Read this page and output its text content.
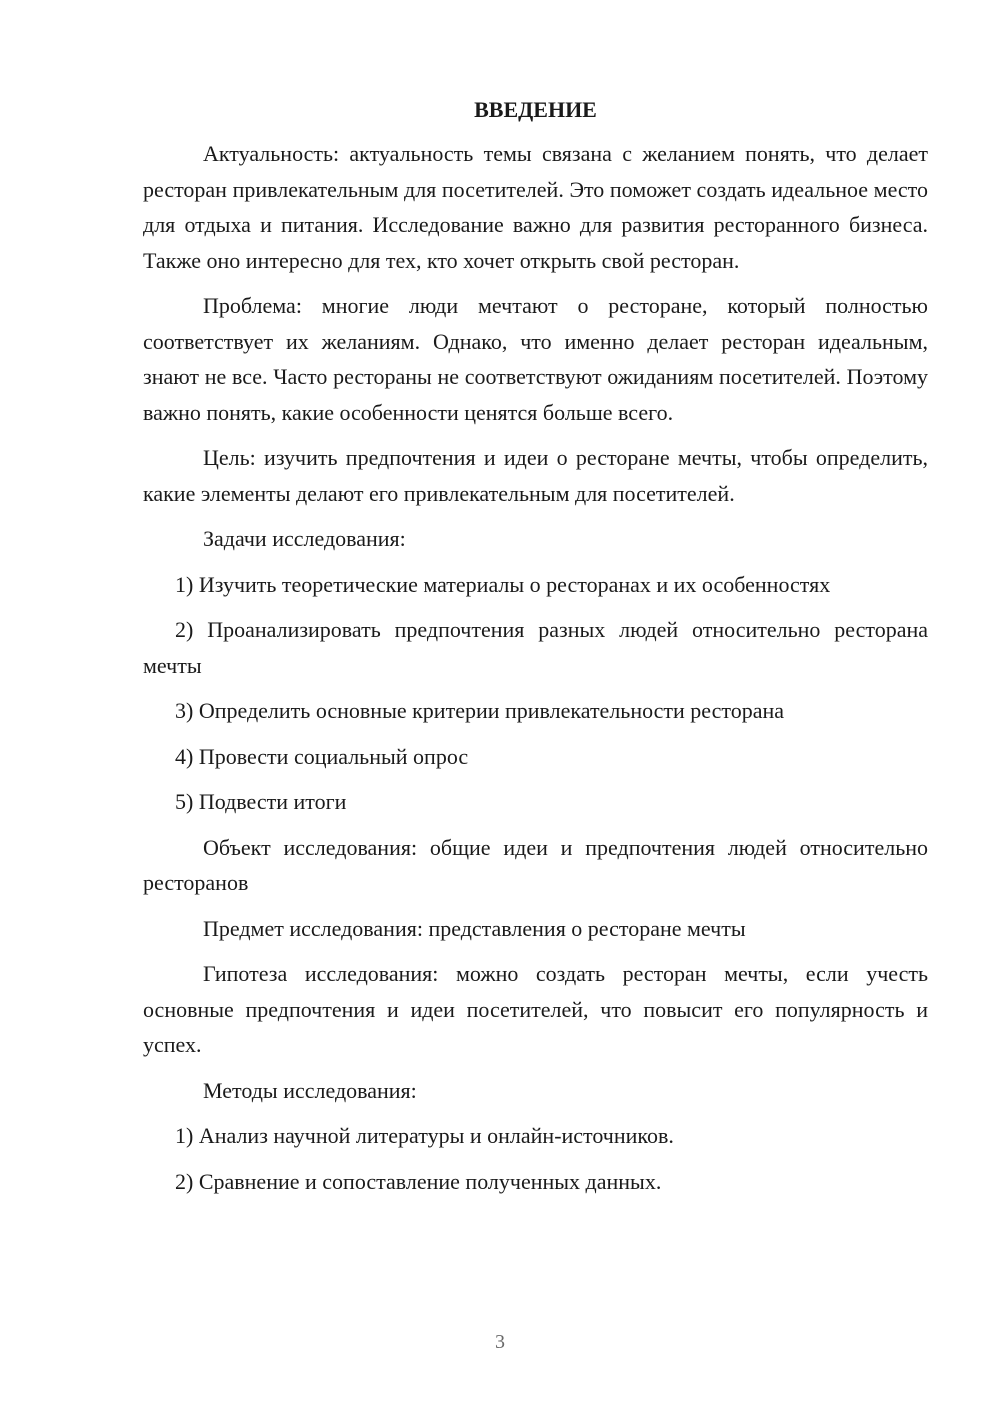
ВВЕДЕНИЕ

Актуальность: актуальность темы связана с желанием понять, что делает ресторан привлекательным для посетителей. Это поможет создать идеальное место для отдыха и питания. Исследование важно для развития ресторанного бизнеса. Также оно интересно для тех, кто хочет открыть свой ресторан.

Проблема: многие люди мечтают о ресторане, который полностью соответствует их желаниям. Однако, что именно делает ресторан идеальным, знают не все. Часто рестораны не соответствуют ожиданиям посетителей. Поэтому важно понять, какие особенности ценятся больше всего.

Цель: изучить предпочтения и идеи о ресторане мечты, чтобы определить, какие элементы делают его привлекательным для посетителей.

Задачи исследования:

1) Изучить теоретические материалы о ресторанах и их особенностях

2) Проанализировать предпочтения разных людей относительно ресторана мечты

3) Определить основные критерии привлекательности ресторана

4) Провести социальный опрос

5) Подвести итоги

Объект исследования: общие идеи и предпочтения людей относительно ресторанов

Предмет исследования: представления о ресторане мечты

Гипотеза исследования: можно создать ресторан мечты, если учесть основные предпочтения и идеи посетителей, что повысит его популярность и успех.

Методы исследования:

1) Анализ научной литературы и онлайн-источников.

2) Сравнение и сопоставление полученных данных.

3
